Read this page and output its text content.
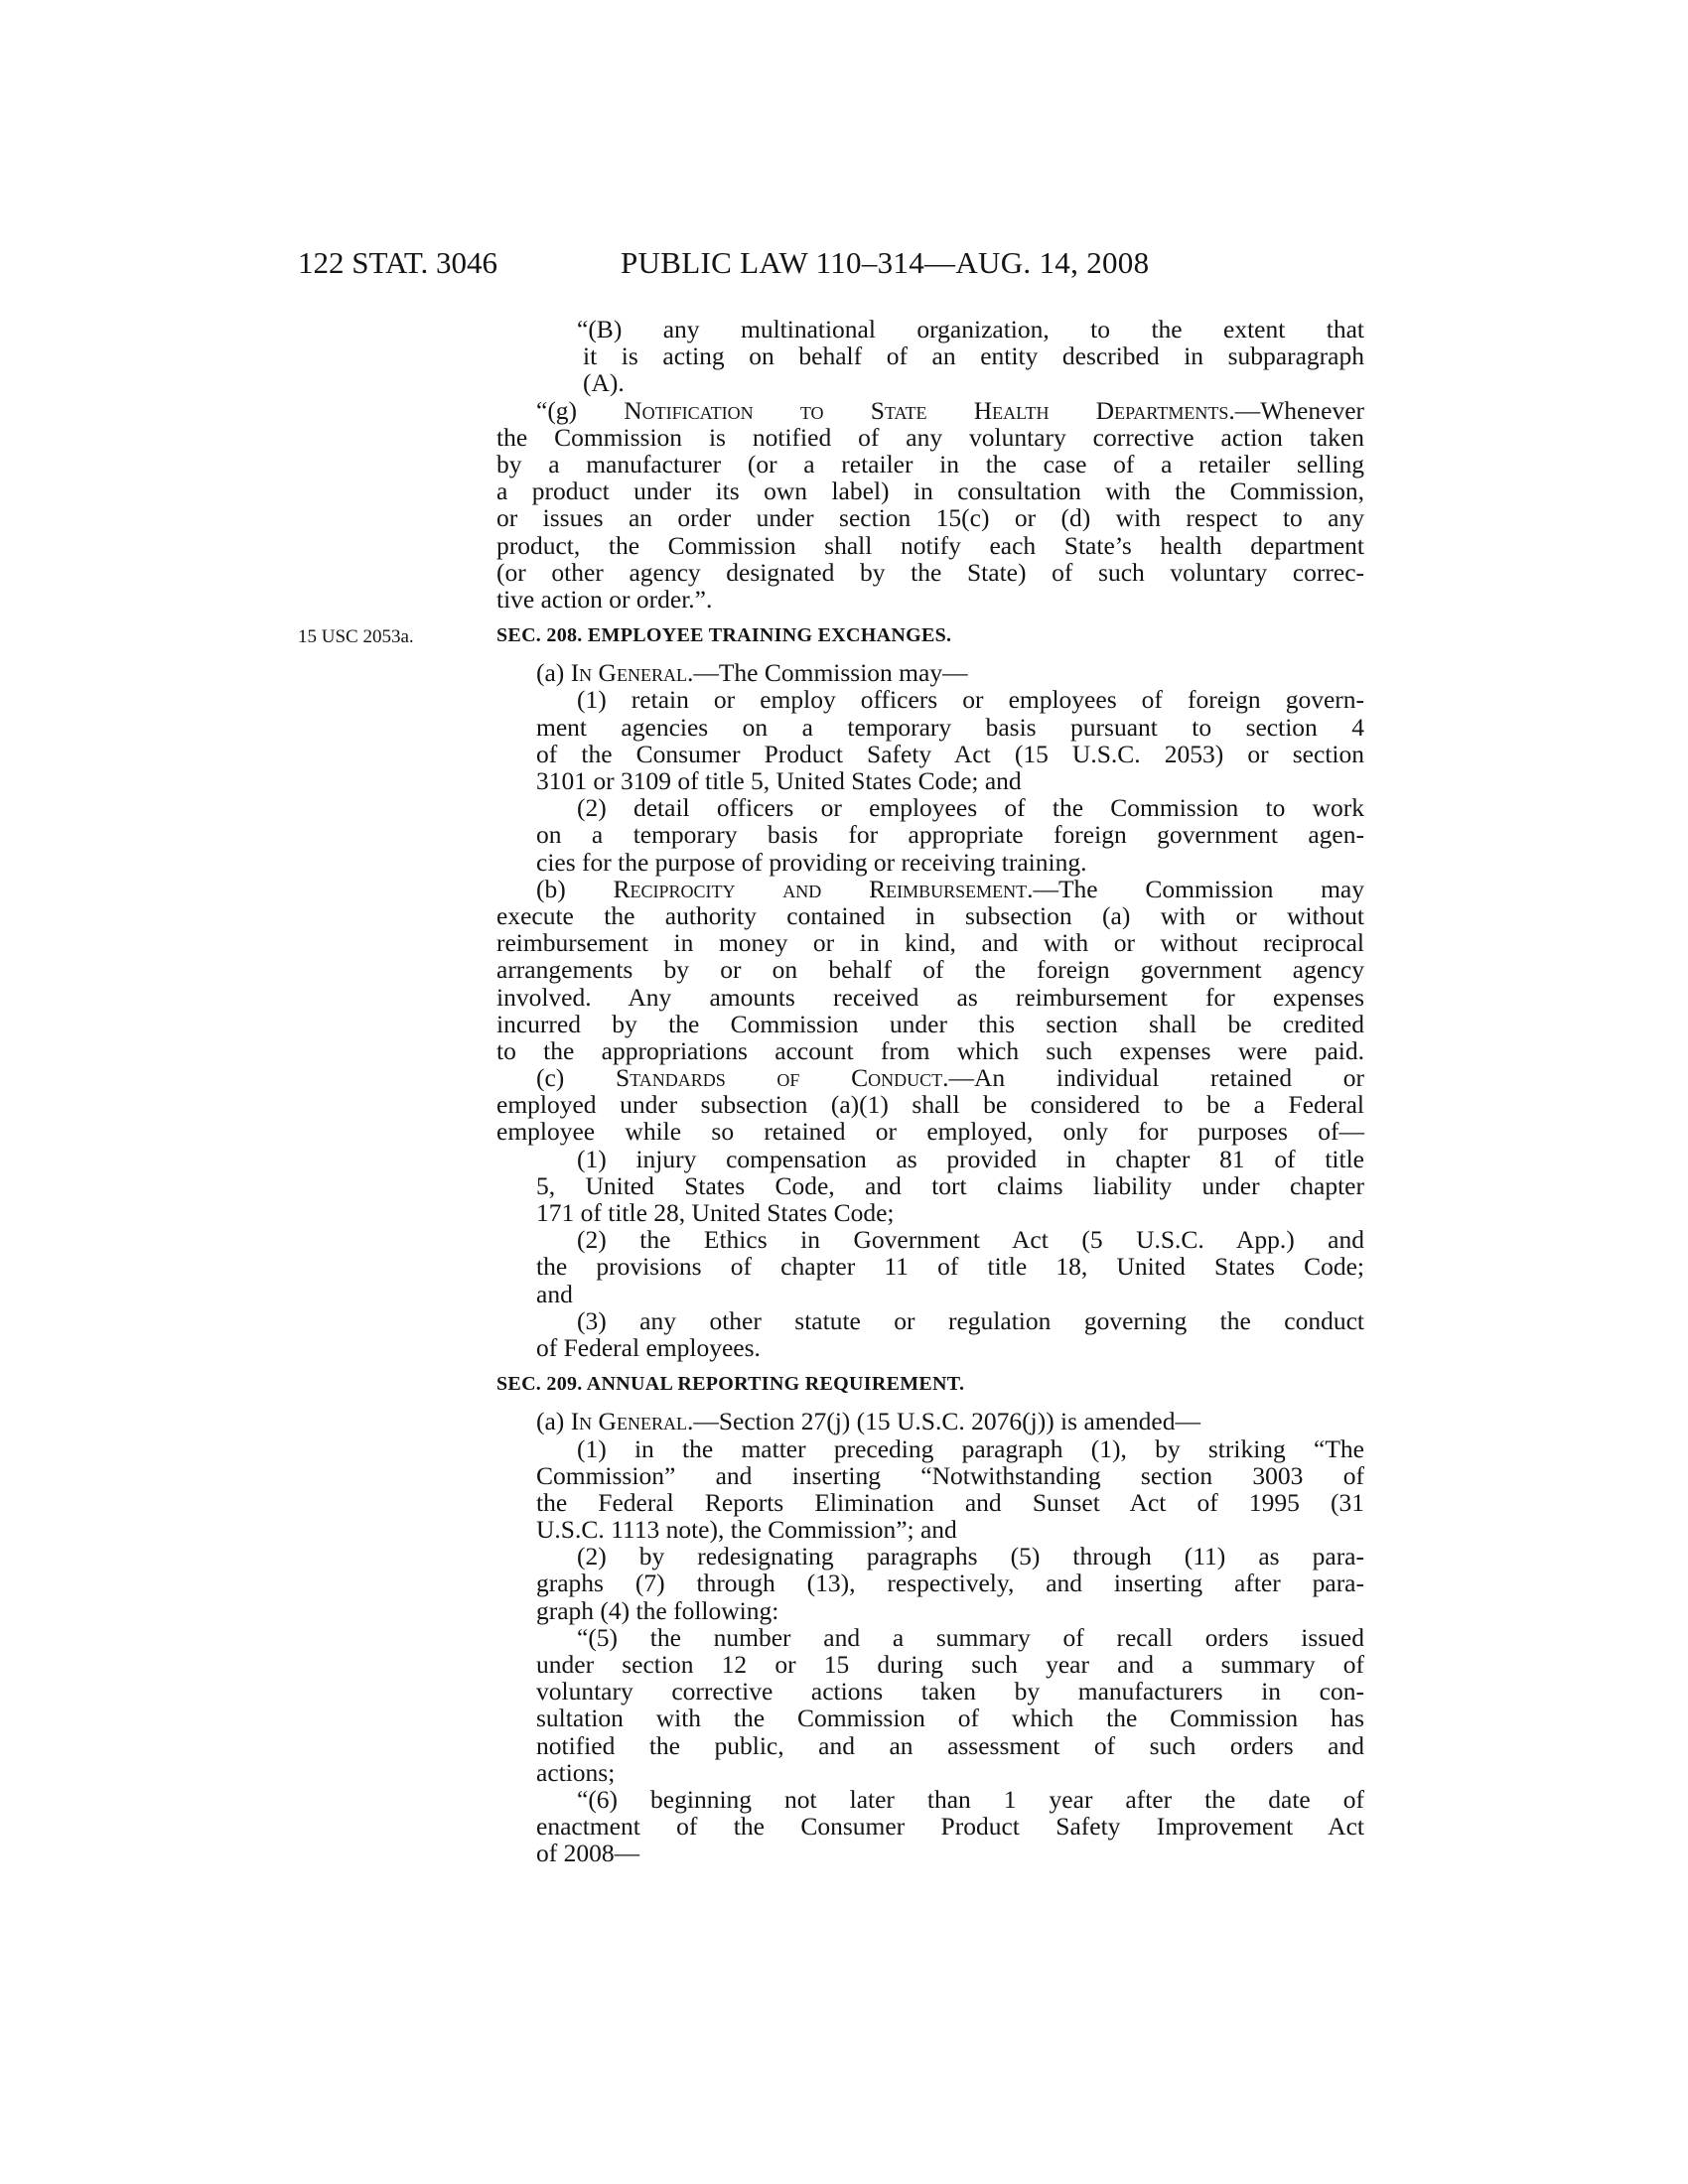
122 STAT. 3046	PUBLIC LAW 110–314—AUG. 14, 2008
15 USC 2053a.
“(B) any multinational organization, to the extent that
it is acting on behalf of an entity described in subparagraph
(A).
“(g) Notification to State Health Departments.—Whenever
the Commission is notified of any voluntary corrective action taken
by a manufacturer (or a retailer in the case of a retailer selling
a product under its own label) in consultation with the Commission,
or issues an order under section 15(c) or (d) with respect to any
product, the Commission shall notify each State’s health department
(or other agency designated by the State) of such voluntary correc-
tive action or order.”.
SEC. 208. EMPLOYEE TRAINING EXCHANGES.
(a) In General.—The Commission may—
(1) retain or employ officers or employees of foreign govern-
ment agencies on a temporary basis pursuant to section 4
of the Consumer Product Safety Act (15 U.S.C. 2053) or section
3101 or 3109 of title 5, United States Code; and
(2) detail officers or employees of the Commission to work
on a temporary basis for appropriate foreign government agen-
cies for the purpose of providing or receiving training.
(b) Reciprocity and Reimbursement.—The Commission may
execute the authority contained in subsection (a) with or without
reimbursement in money or in kind, and with or without reciprocal
arrangements by or on behalf of the foreign government agency
involved. Any amounts received as reimbursement for expenses
incurred by the Commission under this section shall be credited
to the appropriations account from which such expenses were paid.
(c) Standards of Conduct.—An individual retained or
employed under subsection (a)(1) shall be considered to be a Federal
employee while so retained or employed, only for purposes of—
(1) injury compensation as provided in chapter 81 of title
5, United States Code, and tort claims liability under chapter
171 of title 28, United States Code;
(2) the Ethics in Government Act (5 U.S.C. App.) and
the provisions of chapter 11 of title 18, United States Code;
and
(3) any other statute or regulation governing the conduct
of Federal employees.
SEC. 209. ANNUAL REPORTING REQUIREMENT.
(a) In General.—Section 27(j) (15 U.S.C. 2076(j)) is amended—
(1) in the matter preceding paragraph (1), by striking “The
Commission” and inserting “Notwithstanding section 3003 of
the Federal Reports Elimination and Sunset Act of 1995 (31
U.S.C. 1113 note), the Commission”; and
(2) by redesignating paragraphs (5) through (11) as para-
graphs (7) through (13), respectively, and inserting after para-
graph (4) the following:
“(5) the number and a summary of recall orders issued
under section 12 or 15 during such year and a summary of
voluntary corrective actions taken by manufacturers in con-
sultation with the Commission of which the Commission has
notified the public, and an assessment of such orders and
actions;
“(6) beginning not later than 1 year after the date of
enactment of the Consumer Product Safety Improvement Act
of 2008—
